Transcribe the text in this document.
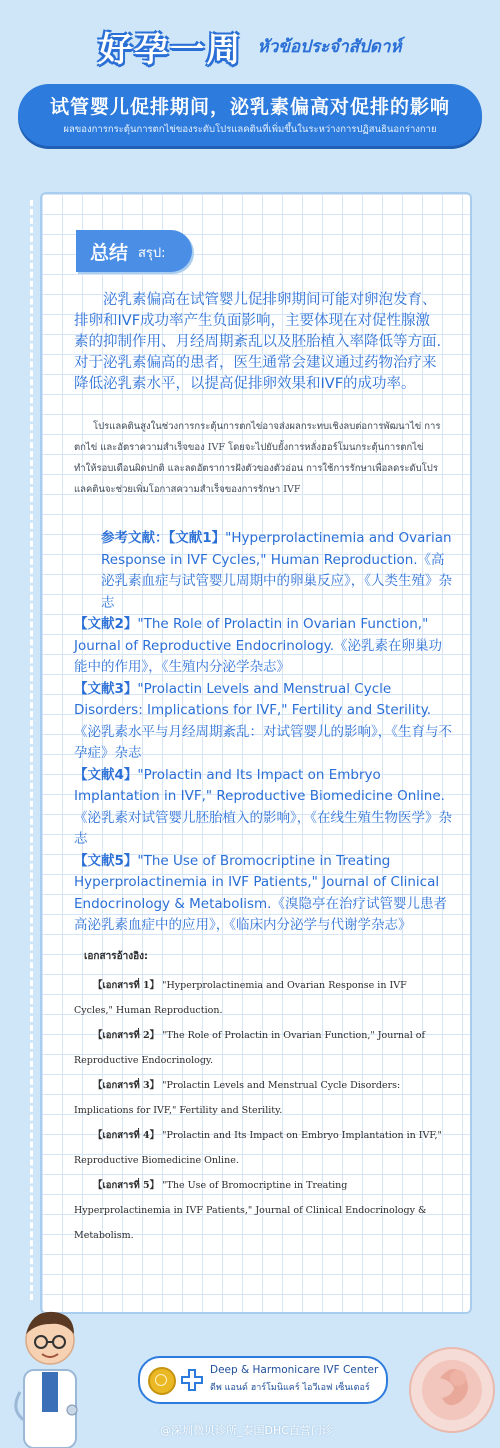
好孕一周 หัวข้อประจำสัปดาห์
试管婴儿促排期间，泌乳素偏高对促排的影响
ผลของการกระตุ้นการตกไข่ของระดับโปรแลคตินที่เพิ่มขึ้นในระหว่างการปฏิสนธินอกร่างกาย
总结 สรุป:
泌乳素偏高在试管婴儿促排卵期间可能对卵泡发育、排卵和IVF成功率产生负面影响，主要体现在对促性腺激素的抑制作用、月经周期紊乱以及胚胎植入率降低等方面.对于泌乳素偏高的患者，医生通常会建议通过药物治疗来降低泌乳素水平，以提高促排卵效果和IVF的成功率。
โปรแลคตินสูงในช่วงการกระตุ้นการตกไข่อาจส่งผลกระทบเชิงลบต่อการพัฒนาไข่ การตกไข่ และอัตราความสำเร็จของ IVF โดยจะไปยับยั้งการหลั่งฮอร์โมนกระตุ้นการตกไข่ ทำให้รอบเดือนผิดปกติ และลดอัตราการฝังตัวของตัวอ่อน การใช้การรักษาเพื่อลดระดับโปรแลคตินจะช่วยเพิ่มโอกาสความสำเร็จของการรักษา IVF

参考文献：【文献1】"Hyperprolactinemia and Ovarian Response in IVF Cycles," Human Reproduction.《高泌乳素血症与试管婴儿周期中的卵巢反应》，《人类生殖》杂志

【文献2】"The Role of Prolactin in Ovarian Function," Journal of Reproductive Endocrinology.《泌乳素在卵巢功能中的作用》，《生殖内分泌学杂志》

【文献3】"Prolactin Levels and Menstrual Cycle Disorders: Implications for IVF," Fertility and Sterility.《泌乳素水平与月经周期紊乱：对试管婴儿的影响》，《生育与不孕症》杂志

【文献4】"Prolactin and Its Impact on Embryo Implantation in IVF," Reproductive Biomedicine Online.《泌乳素对试管婴儿胚胎植入的影响》，《在线生殖生物医学》杂志

【文献5】"The Use of Bromocriptine in Treating Hyperprolactinemia in IVF Patients," Journal of Clinical Endocrinology & Metabolism.《溴隐亭在治疗试管婴儿患者高泌乳素血症中的应用》，《临床内分泌学与代谢学杂志》

เอกสารอ้างอิง:

【เอกสารที่ 1】 "Hyperprolactinemia and Ovarian Response in IVF Cycles," Human Reproduction.

【เอกสารที่ 2】 "The Role of Prolactin in Ovarian Function," Journal of Reproductive Endocrinology.

【เอกสารที่ 3】 "Prolactin Levels and Menstrual Cycle Disorders: Implications for IVF," Fertility and Sterility.

【เอกสารที่ 4】 "Prolactin and Its Impact on Embryo Implantation in IVF," Reproductive Biomedicine Online.

【เอกสารที่ 5】 "The Use of Bromocriptine in Treating Hyperprolactinemia in IVF Patients," Journal of Clinical Endocrinology & Metabolism.

Deep & Harmonicare IVF Center
ดีพ แอนด์ ฮาร์โมนิแคร์ ไอวีเอฟ เซ็นเตอร์
@深圳微贝诊所_泰国DHC直营门诊
